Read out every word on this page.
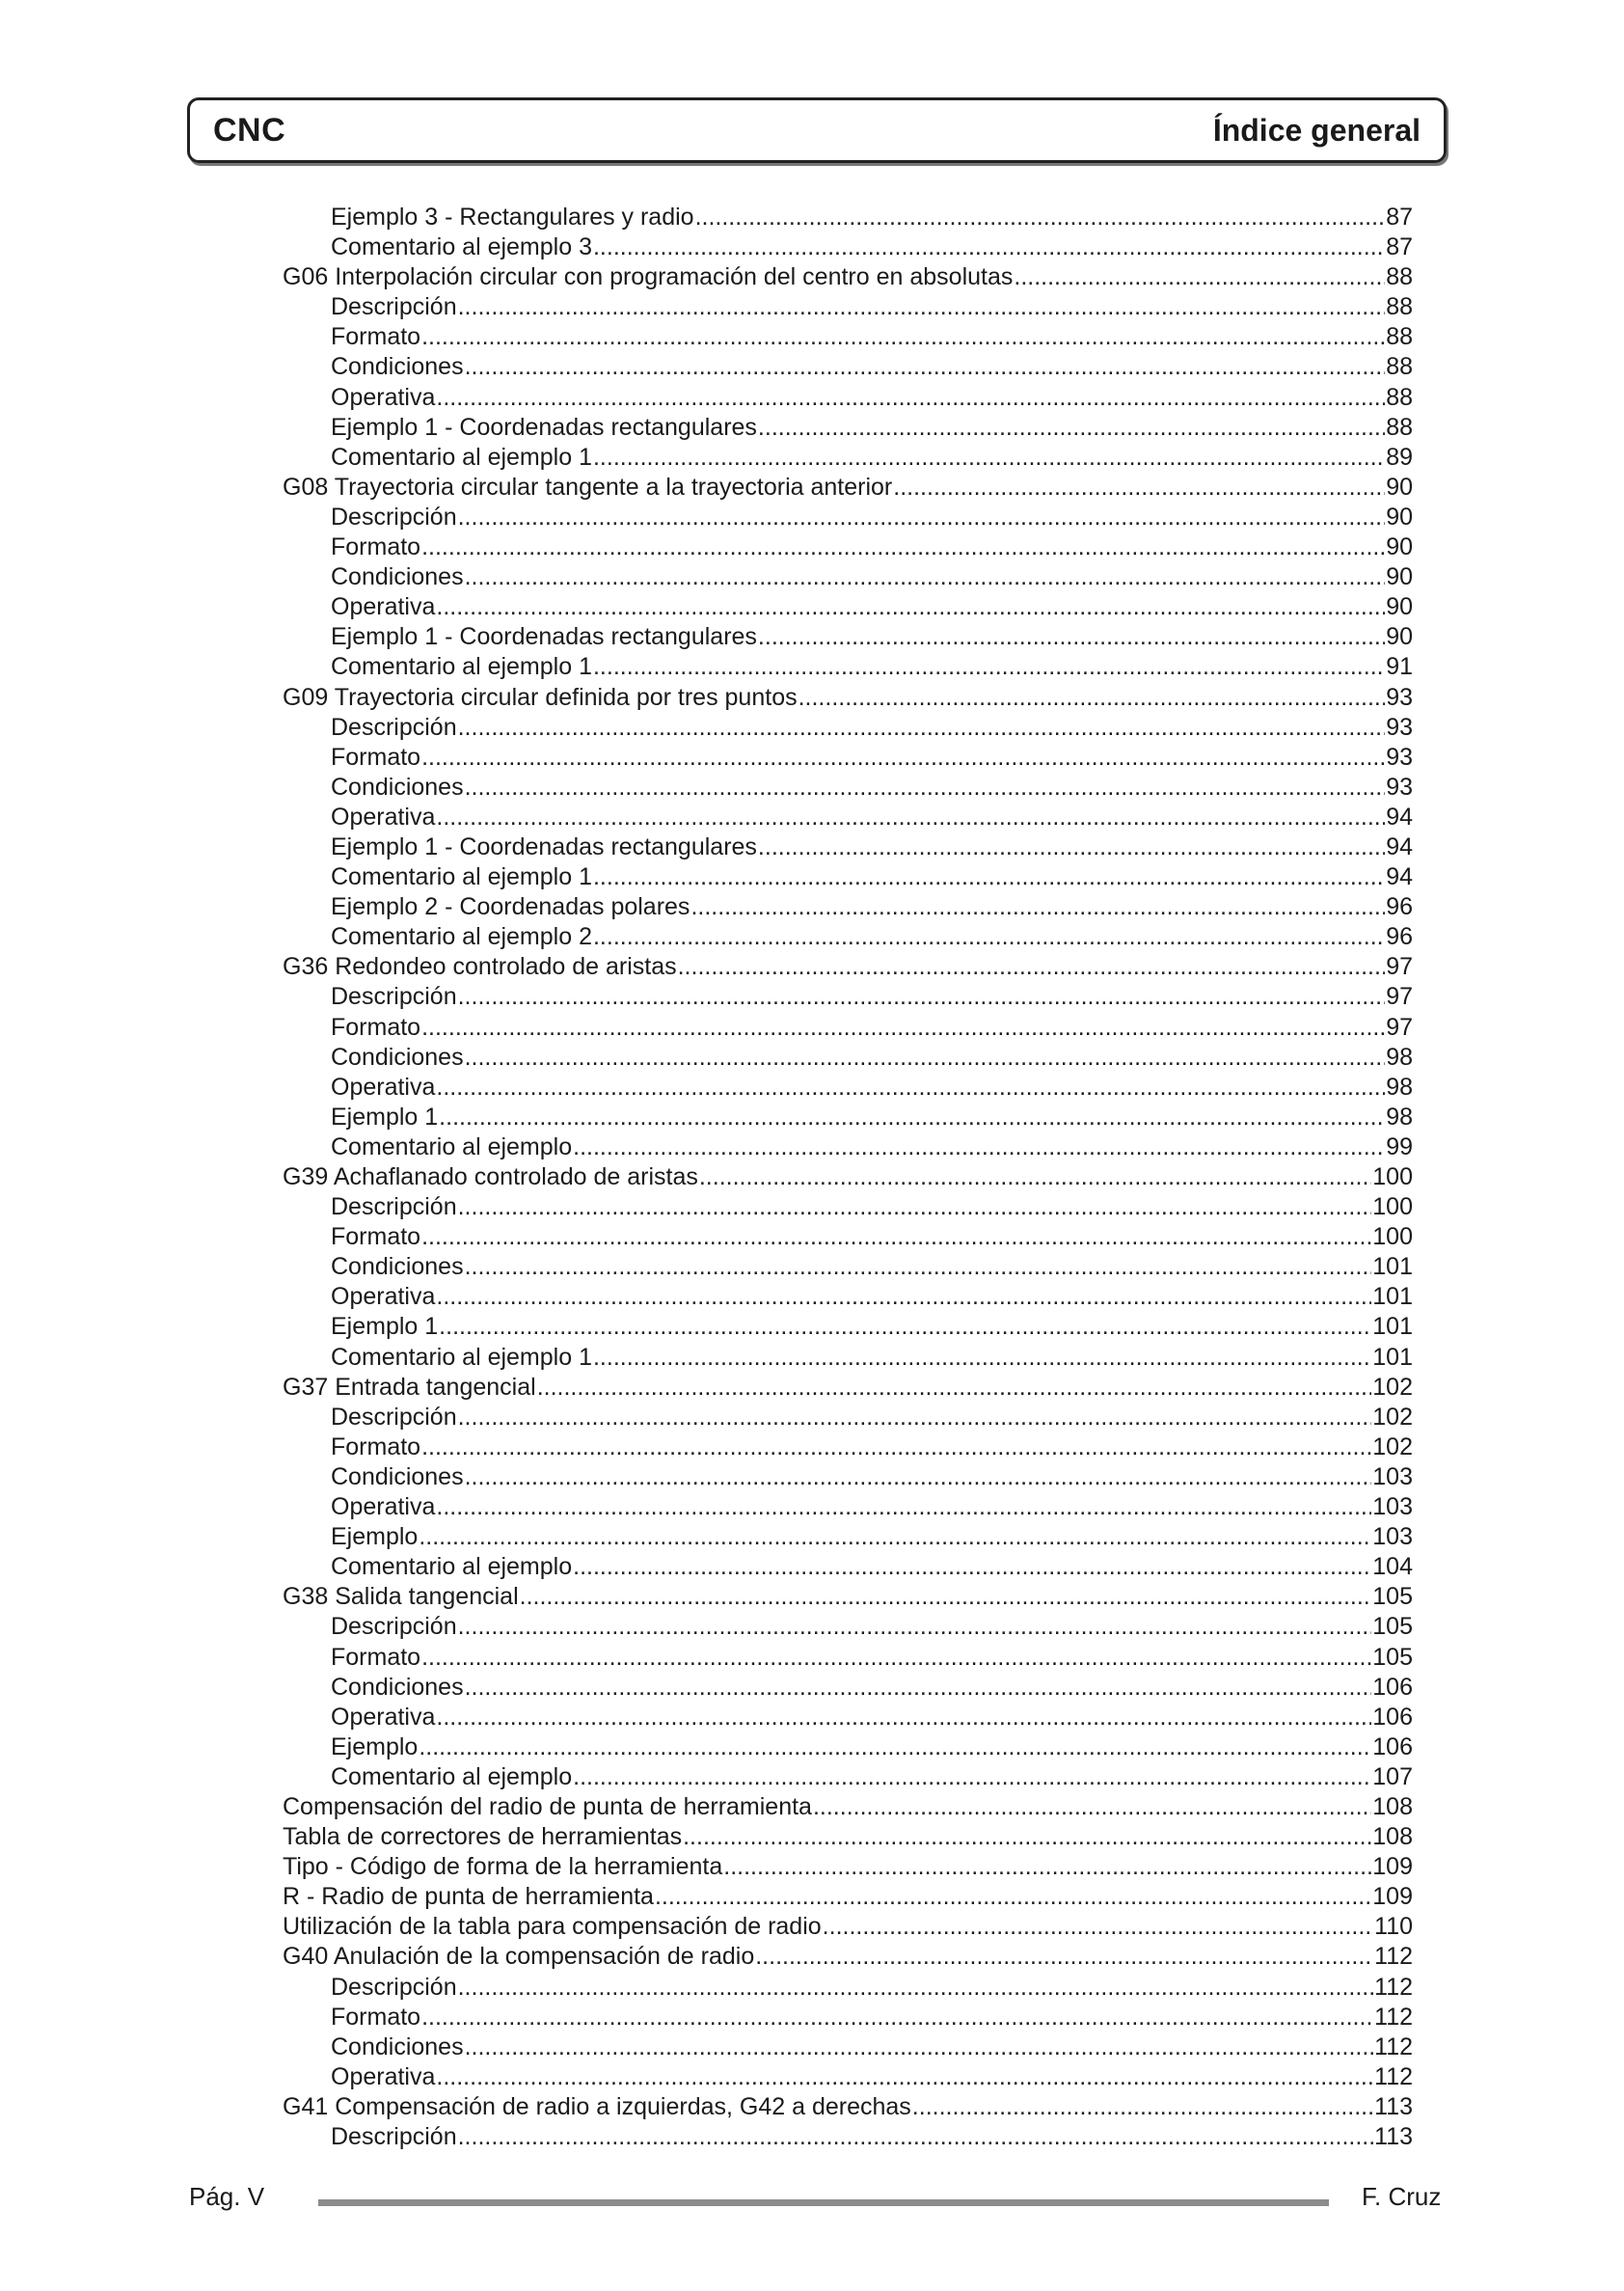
CNC	Índice general
Ejemplo 3 - Rectangulares y radio .....	87
Comentario al ejemplo 3 .....	87
G06 Interpolación circular con programación del centro en absolutas .....	88
Descripción .....	88
Formato .....	88
Condiciones .....	88
Operativa .....	88
Ejemplo 1 - Coordenadas rectangulares .....	88
Comentario al ejemplo 1 .....	89
G08 Trayectoria circular tangente a la trayectoria anterior .....	90
Descripción .....	90
Formato .....	90
Condiciones .....	90
Operativa .....	90
Ejemplo 1 - Coordenadas rectangulares .....	90
Comentario al ejemplo 1 .....	91
G09 Trayectoria circular definida por tres puntos .....	93
Descripción .....	93
Formato .....	93
Condiciones .....	93
Operativa .....	94
Ejemplo 1 - Coordenadas rectangulares .....	94
Comentario al ejemplo 1 .....	94
Ejemplo 2 - Coordenadas polares .....	96
Comentario al ejemplo 2 .....	96
G36 Redondeo controlado de aristas .....	97
Descripción .....	97
Formato .....	97
Condiciones .....	98
Operativa .....	98
Ejemplo 1 .....	98
Comentario al ejemplo .....	99
G39 Achaflanado controlado de aristas .....	100
Descripción .....	100
Formato .....	100
Condiciones .....	101
Operativa .....	101
Ejemplo 1 .....	101
Comentario al ejemplo 1 .....	101
G37 Entrada tangencial .....	102
Descripción .....	102
Formato .....	102
Condiciones .....	103
Operativa .....	103
Ejemplo .....	103
Comentario al ejemplo .....	104
G38 Salida tangencial .....	105
Descripción .....	105
Formato .....	105
Condiciones .....	106
Operativa .....	106
Ejemplo .....	106
Comentario al ejemplo .....	107
Compensación del radio de punta de herramienta .....	108
Tabla de correctores de herramientas .....	108
Tipo - Código de forma de la herramienta .....	109
R - Radio de punta de herramienta .....	109
Utilización de la tabla para compensación de radio .....	110
G40 Anulación de la compensación de radio .....	112
Descripción .....	112
Formato .....	112
Condiciones .....	112
Operativa .....	112
G41 Compensación de radio a izquierdas, G42 a derechas .....	113
Descripción .....	113
Pág. V	F. Cruz
